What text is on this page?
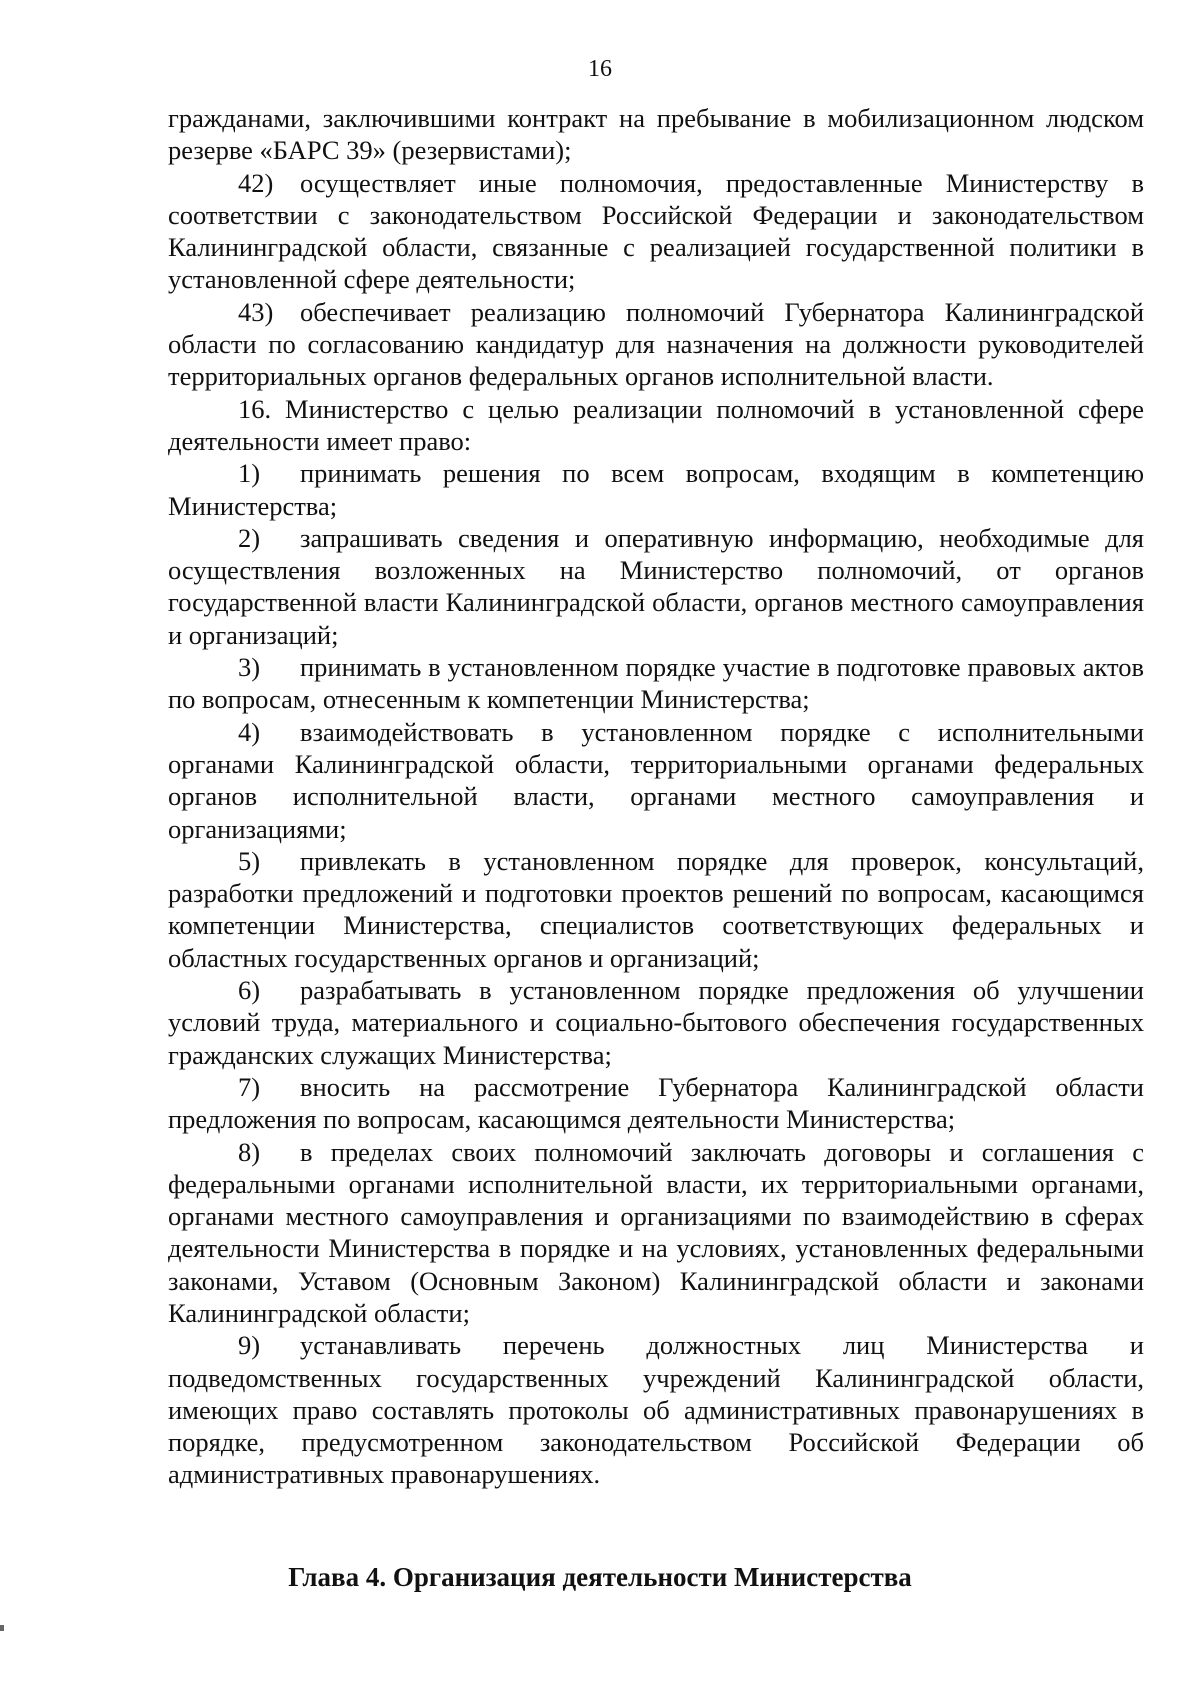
16

гражданами, заключившими контракт на пребывание в мобилизационном людском резерве «БАРС 39» (резервистами);

42) осуществляет иные полномочия, предоставленные Министерству в соответствии с законодательством Российской Федерации и законодательством Калининградской области, связанные с реализацией государственной политики в установленной сфере деятельности;

43) обеспечивает реализацию полномочий Губернатора Калининградской области по согласованию кандидатур для назначения на должности руководителей территориальных органов федеральных органов исполнительной власти.

16. Министерство с целью реализации полномочий в установленной сфере деятельности имеет право:

1) принимать решения по всем вопросам, входящим в компетенцию Министерства;

2) запрашивать сведения и оперативную информацию, необходимые для осуществления возложенных на Министерство полномочий, от органов государственной власти Калининградской области, органов местного самоуправления и организаций;

3) принимать в установленном порядке участие в подготовке правовых актов по вопросам, отнесенным к компетенции Министерства;

4) взаимодействовать в установленном порядке с исполнительными органами Калининградской области, территориальными органами федеральных органов исполнительной власти, органами местного самоуправления и организациями;

5) привлекать в установленном порядке для проверок, консультаций, разработки предложений и подготовки проектов решений по вопросам, касающимся компетенции Министерства, специалистов соответствующих федеральных и областных государственных органов и организаций;

6) разрабатывать в установленном порядке предложения об улучшении условий труда, материального и социально-бытового обеспечения государственных гражданских служащих Министерства;

7) вносить на рассмотрение Губернатора Калининградской области предложения по вопросам, касающимся деятельности Министерства;

8) в пределах своих полномочий заключать договоры и соглашения с федеральными органами исполнительной власти, их территориальными органами, органами местного самоуправления и организациями по взаимодействию в сферах деятельности Министерства в порядке и на условиях, установленных федеральными законами, Уставом (Основным Законом) Калининградской области и законами Калининградской области;

9) устанавливать перечень должностных лиц Министерства и подведомственных государственных учреждений Калининградской области, имеющих право составлять протоколы об административных правонарушениях в порядке, предусмотренном законодательством Российской Федерации об административных правонарушениях.

Глава 4. Организация деятельности Министерства
